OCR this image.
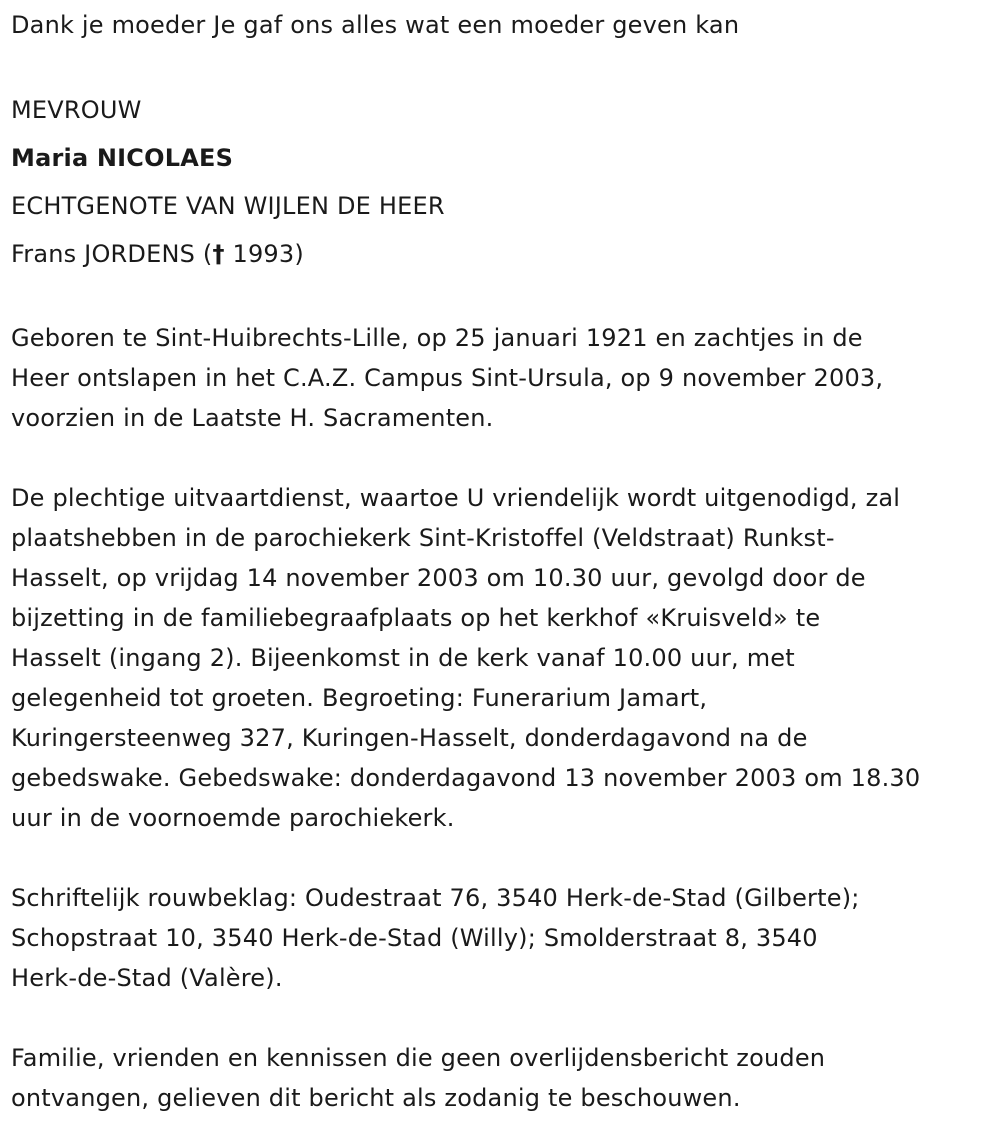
Dank je moeder Je gaf ons alles wat een moeder geven kan
MEVROUW
Maria NICOLAES
ECHTGENOTE VAN WIJLEN DE HEER
Frans JORDENS († 1993)
Geboren te Sint-Huibrechts-Lille, op 25 januari 1921 en zachtjes in de
Heer ontslapen in het C.A.Z. Campus Sint-Ursula, op 9 november 2003,
voorzien in de Laatste H. Sacramenten.
De plechtige uitvaartdienst, waartoe U vriendelijk wordt uitgenodigd, zal
plaatshebben in de parochiekerk Sint-Kristoffel (Veldstraat) Runkst-
Hasselt, op vrijdag 14 november 2003 om 10.30 uur, gevolgd door de
bijzetting in de familiebegraafplaats op het kerkhof «Kruisveld» te
Hasselt (ingang 2). Bijeenkomst in de kerk vanaf 10.00 uur, met
gelegenheid tot groeten. Begroeting: Funerarium Jamart,
Kuringersteenweg 327, Kuringen-Hasselt, donderdagavond na de
gebedswake. Gebedswake: donderdagavond 13 november 2003 om 18.30
uur in de voornoemde parochiekerk.
Schriftelijk rouwbeklag: Oudestraat 76, 3540 Herk-de-Stad (Gilberte);
Schopstraat 10, 3540 Herk-de-Stad (Willy); Smolderstraat 8, 3540
Herk-de-Stad (Valère).
Familie, vrienden en kennissen die geen overlijdensbericht zouden
ontvangen, gelieven dit bericht als zodanig te beschouwen.
